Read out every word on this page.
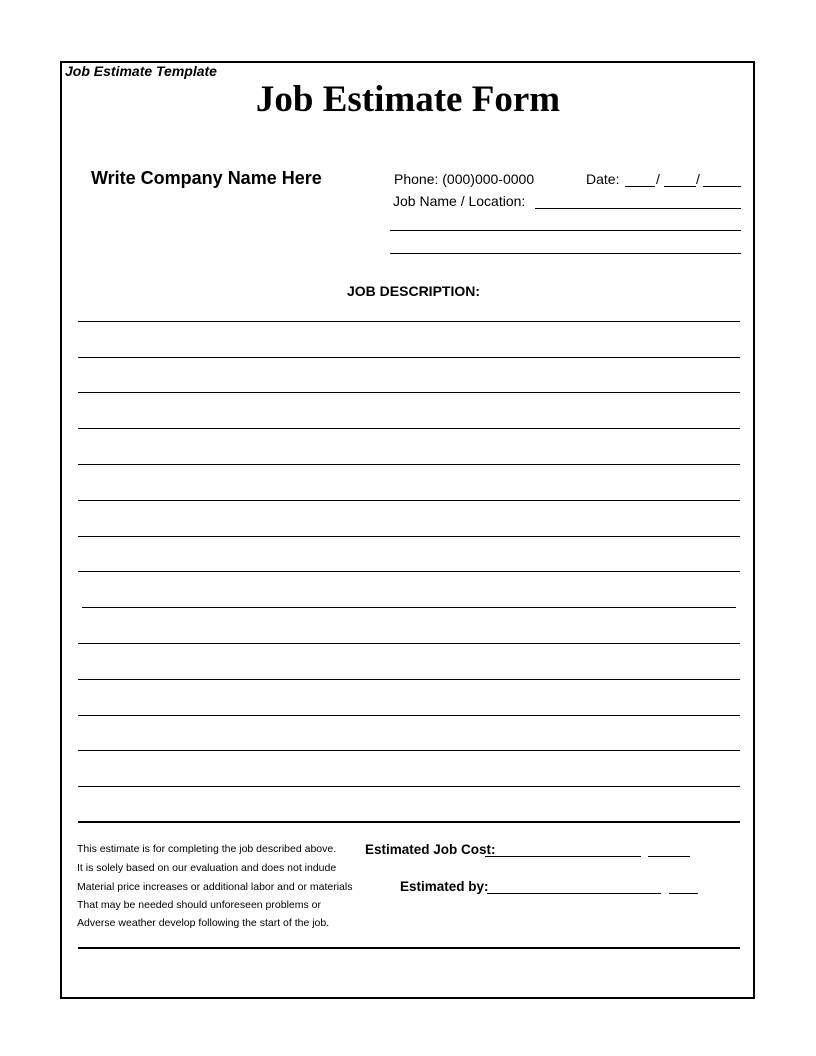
Job Estimate Template
Job Estimate Form
Write Company Name Here	Phone: (000)000-0000	Date:	/	/
Job Name / Location:
JOB DESCRIPTION:
This estimate is for completing the job described above.
It is solely based on our evaluation and does not indude
Material price increases or additional labor and or materials
That may be needed should unforeseen problems or
Adverse weather develop following the start of the job.
Estimated Job Cost:
Estimated by:
